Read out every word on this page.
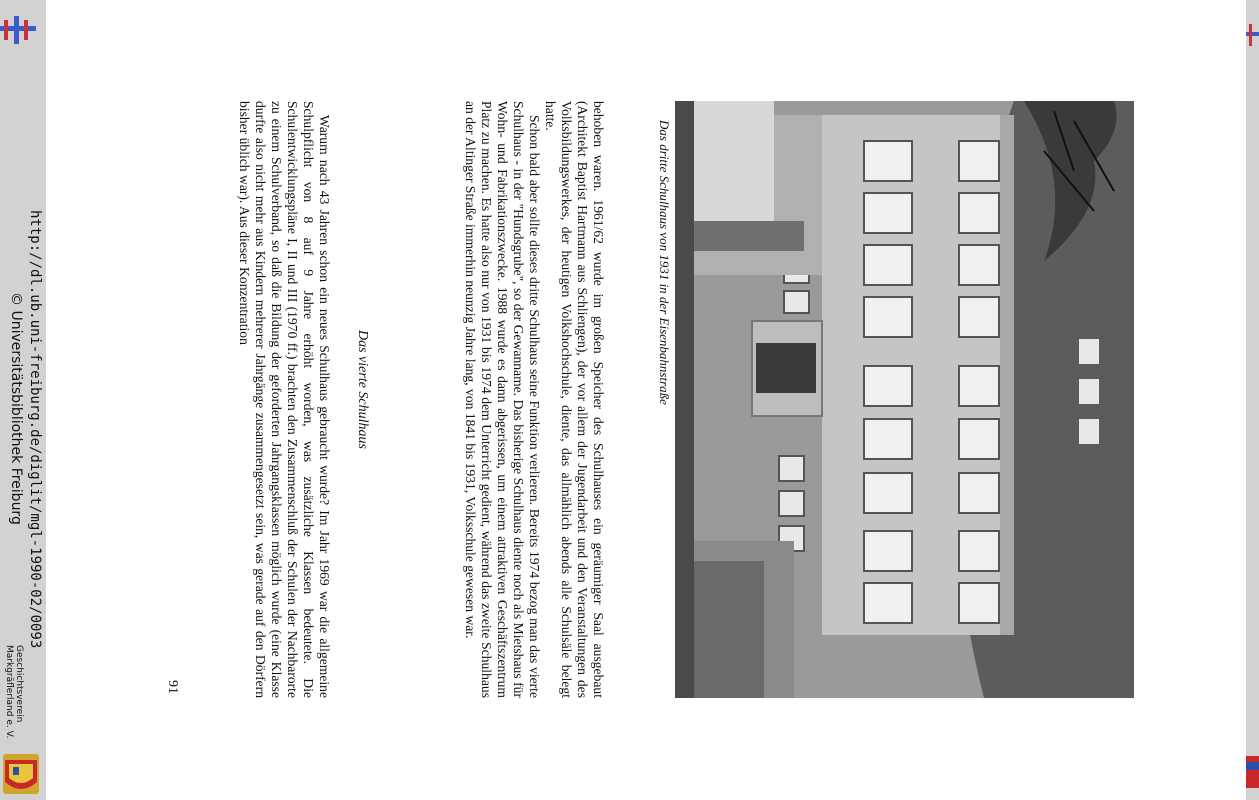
http://dl.ub.uni-freiburg.de/diglit/mgl-1990-02/0093
© Universitätsbibliothek Freiburg
Geschichtsverein
Markgräflerland e. V.
Das dritte Schulhaus von 1931 in der Eisenbahnstraße

behoben waren. 1961/62 wurde im großen Speicher des Schulhauses ein geräumiger Saal ausgebaut (Architekt Baptist Hartmann aus Schliengen), der vor allem der Jugendarbeit und den Veranstaltungen des Volksbildungswerkes, der heutigen Volkshochschule, diente, das allmählich abends alle Schulsäle belegt hatte.

Schon bald aber sollte dieses dritte Schulhaus seine Funktion verlieren. Bereits 1974 bezog man das vierte Schulhaus - in der "Hundsgrube", so der Gewanname. Das bisherige Schulhaus diente noch als Mietshaus für Wohn- und Fabrikationszwecke. 1988 wurde es dann abgerissen, um einem attraktiven Geschäftszentrum Platz zu machen. Es hatte also nur von 1931 bis 1974 dem Unterricht gedient, während das zweite Schulhaus an der Altinger Straße immerhin neunzig Jahre lang, von 1841 bis 1931, Volksschule gewesen war.

Das vierte Schulhaus

Warum nach 43 Jahren schon ein neues Schulhaus gebraucht wurde? Im Jahr 1969 war die allgemeine Schulpflicht von 8 auf 9 Jahre erhöht worden, was zusätzliche Klassen bedeutete. Die Schulentwicklungspläne I, II und III (1970 ff.) brachten den Zusammenschluß der Schulen der Nachbarorte zu einem Schulverband, so daß die Bildung der geforderten Jahrgangsklassen möglich wurde (eine Klasse durfte also nicht mehr aus Kindern mehrerer Jahrgänge zusammengesetzt sein, was gerade auf den Dörfern bisher üblich war). Aus dieser Konzentration

91
